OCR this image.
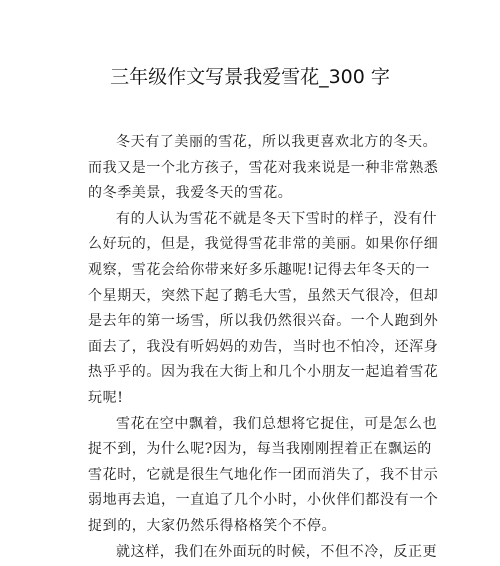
三年级作文写景我爱雪花_300 字
冬天有了美丽的雪花，所以我更喜欢北方的冬天。
而我又是一个北方孩子，雪花对我来说是一种非常熟悉
的冬季美景，我爱冬天的雪花。
有的人认为雪花不就是冬天下雪时的样子，没有什
么好玩的，但是，我觉得雪花非常的美丽。如果你仔细
观察，雪花会给你带来好多乐趣呢!记得去年冬天的一
个星期天，突然下起了鹅毛大雪，虽然天气很冷，但却
是去年的第一场雪，所以我仍然很兴奋。一个人跑到外
面去了，我没有听妈妈的劝告，当时也不怕冷，还浑身
热乎乎的。因为我在大街上和几个小朋友一起追着雪花
玩呢!
雪花在空中飘着，我们总想将它捉住，可是怎么也
捉不到，为什么呢?因为，每当我刚刚捏着正在飘运的
雪花时，它就是很生气地化作一团而消失了，我不甘示
弱地再去追，一直追了几个小时，小伙伴们都没有一个
捉到的，大家仍然乐得格格笑个不停。
就这样，我们在外面玩的时候，不但不冷，反正更
